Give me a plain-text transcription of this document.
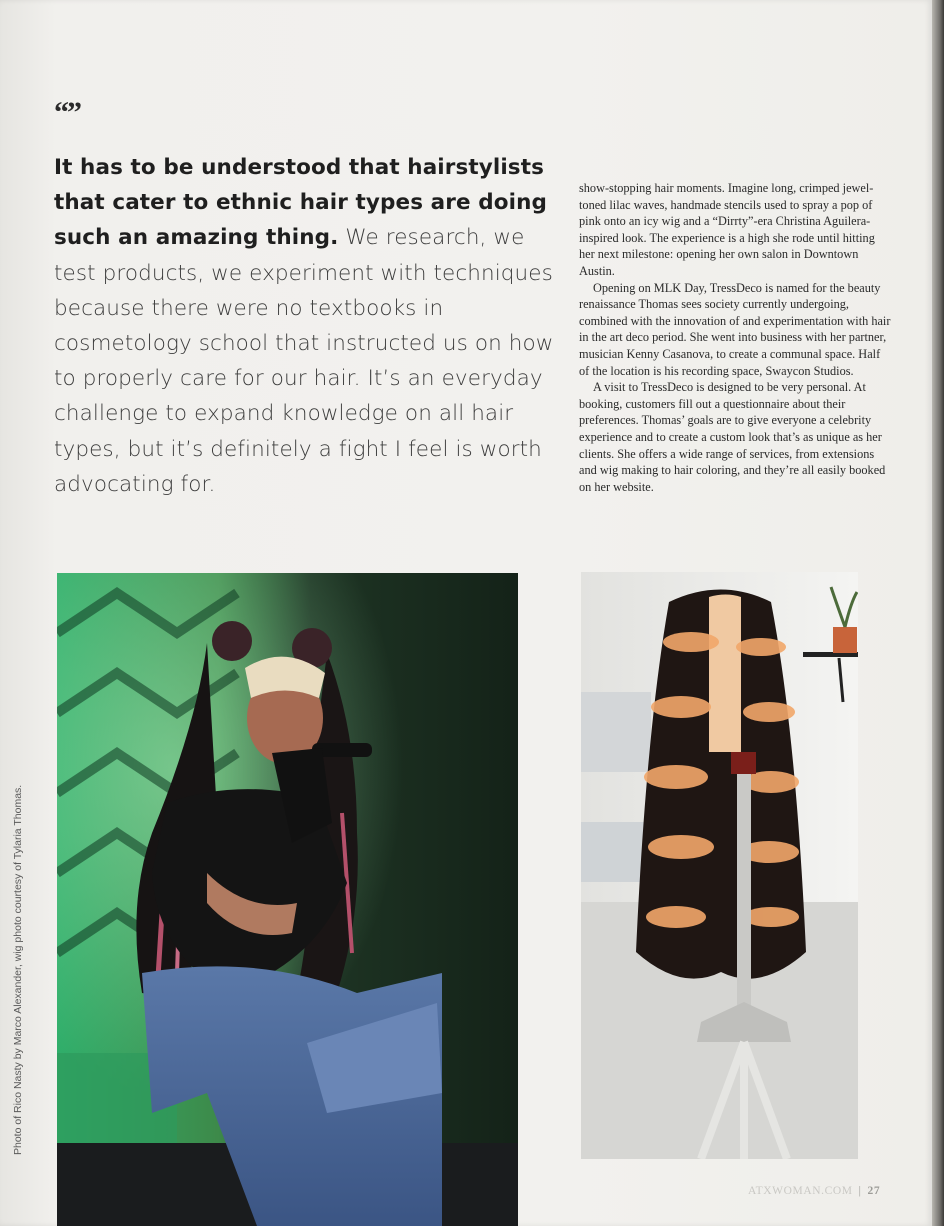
“”
It has to be understood that hairstylists that cater to ethnic hair types are doing such an amazing thing. We research, we test products, we experiment with techniques because there were no textbooks in cosmetology school that instructed us on how to properly care for our hair. It’s an everyday challenge to expand knowledge on all hair types, but it’s definitely a fight I feel is worth advocating for.

show-stopping hair moments. Imagine long, crimped jewel-toned lilac waves, handmade stencils used to spray a pop of pink onto an icy wig and a “Dirrty”-era Christina Aguilera-inspired look. The experience is a high she rode until hitting her next milestone: opening her own salon in Downtown Austin.

Opening on MLK Day, TressDeco is named for the beauty renaissance Thomas sees society currently undergoing, combined with the innovation of and experimentation with hair in the art deco period. She went into business with her partner, musician Kenny Casanova, to create a communal space. Half of the location is his recording space, Swaycon Studios.

A visit to TressDeco is designed to be very personal. At booking, customers fill out a questionnaire about their preferences. Thomas’ goals are to give everyone a celebrity experience and to create a custom look that’s as unique as her clients. She offers a wide range of services, from extensions and wig making to hair coloring, and they’re all easily booked on her website.

Photo of Rico Nasty by Marco Alexander, wig photo courtesy of Tylaria Thomas.
ATXWOMAN.COM | 27
